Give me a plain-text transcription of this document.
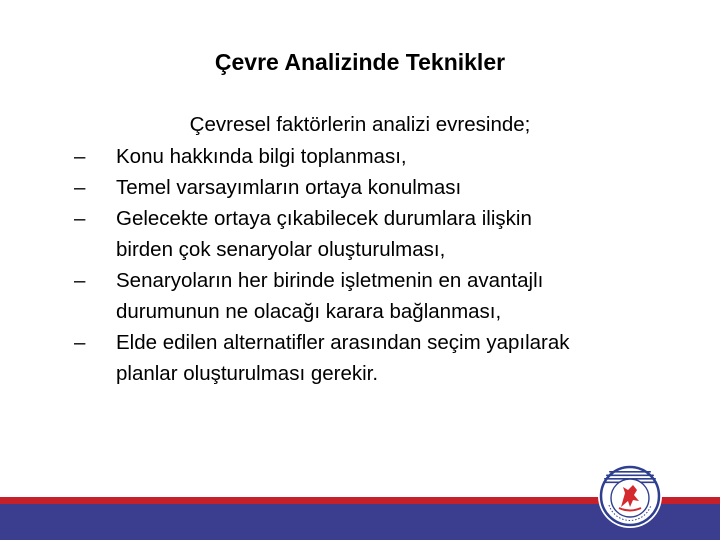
Çevre Analizinde Teknikler

Çevresel faktörlerin analizi evresinde;

– Konu hakkında bilgi toplanması,
– Temel varsayımların ortaya konulması
– Gelecekte ortaya çıkabilecek durumlara ilişkin
birden çok senaryolar oluşturulması,
– Senaryoların her birinde işletmenin en avantajlı
durumunun ne olacağı karara bağlanması,
– Elde edilen alternatifler arasından seçim yapılarak
planlar oluşturulması gerekir.
